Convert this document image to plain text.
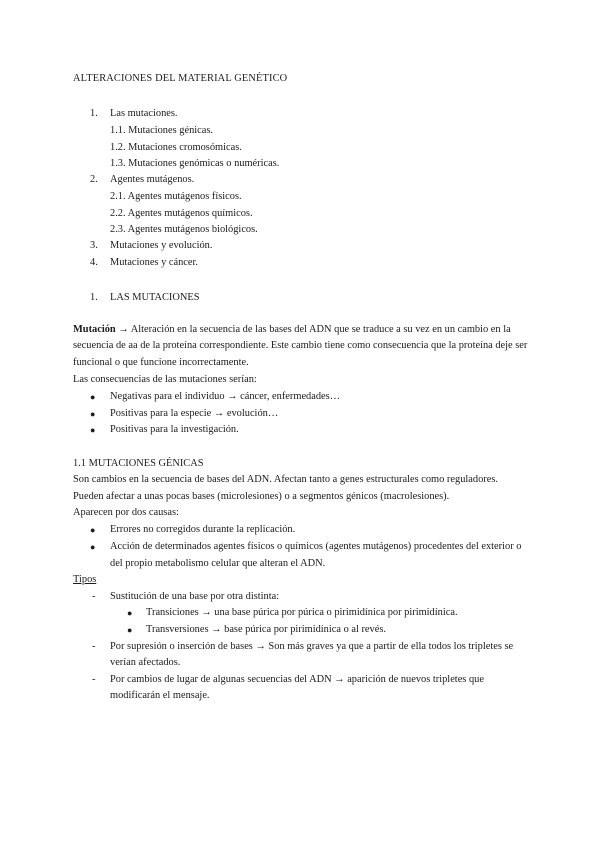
ALTERACIONES DEL MATERIAL GENÉTICO
1. Las mutaciones.
1.1. Mutaciones génicas.
1.2. Mutaciones cromosómicas.
1.3. Mutaciones genómicas o numéricas.
2. Agentes mutágenos.
2.1. Agentes mutágenos físicos.
2.2. Agentes mutágenos químicos.
2.3. Agentes mutágenos biológicos.
3. Mutaciones y evolución.
4. Mutaciones y cáncer.
1. LAS MUTACIONES
Mutación → Alteración en la secuencia de las bases del ADN que se traduce a su vez en un cambio en la
secuencia de aa de la proteína correspondiente. Este cambio tiene como consecuencia que la proteína deje ser
funcional o que funcione incorrectamente.
Las consecuencias de las mutaciones serían:
● Negativas para el individuo → cáncer, enfermedades…
● Positivas para la especie → evolución…
● Positivas para la investigación.
1.1 MUTACIONES GÉNICAS
Son cambios en la secuencia de bases del ADN. Afectan tanto a genes estructurales como reguladores.
Pueden afectar a unas pocas bases (microlesiones) o a segmentos génicos (macrolesiones).
Aparecen por dos causas:
● Errores no corregidos durante la replicación.
● Acción de determinados agentes físicos o químicos (agentes mutágenos) procedentes del exterior o
del propio metabolismo celular que alteran el ADN.
Tipos
- Sustitución de una base por otra distinta:
● Transiciones → una base púrica por púrica o pirimidínica por pirimidínica.
● Transversiones → base púrica por pirimidínica o al revés.
- Por supresión o inserción de bases → Son más graves ya que a partir de ella todos los tripletes se
verían afectados.
- Por cambios de lugar de algunas secuencias del ADN → aparición de nuevos tripletes que
modificarán el mensaje.
